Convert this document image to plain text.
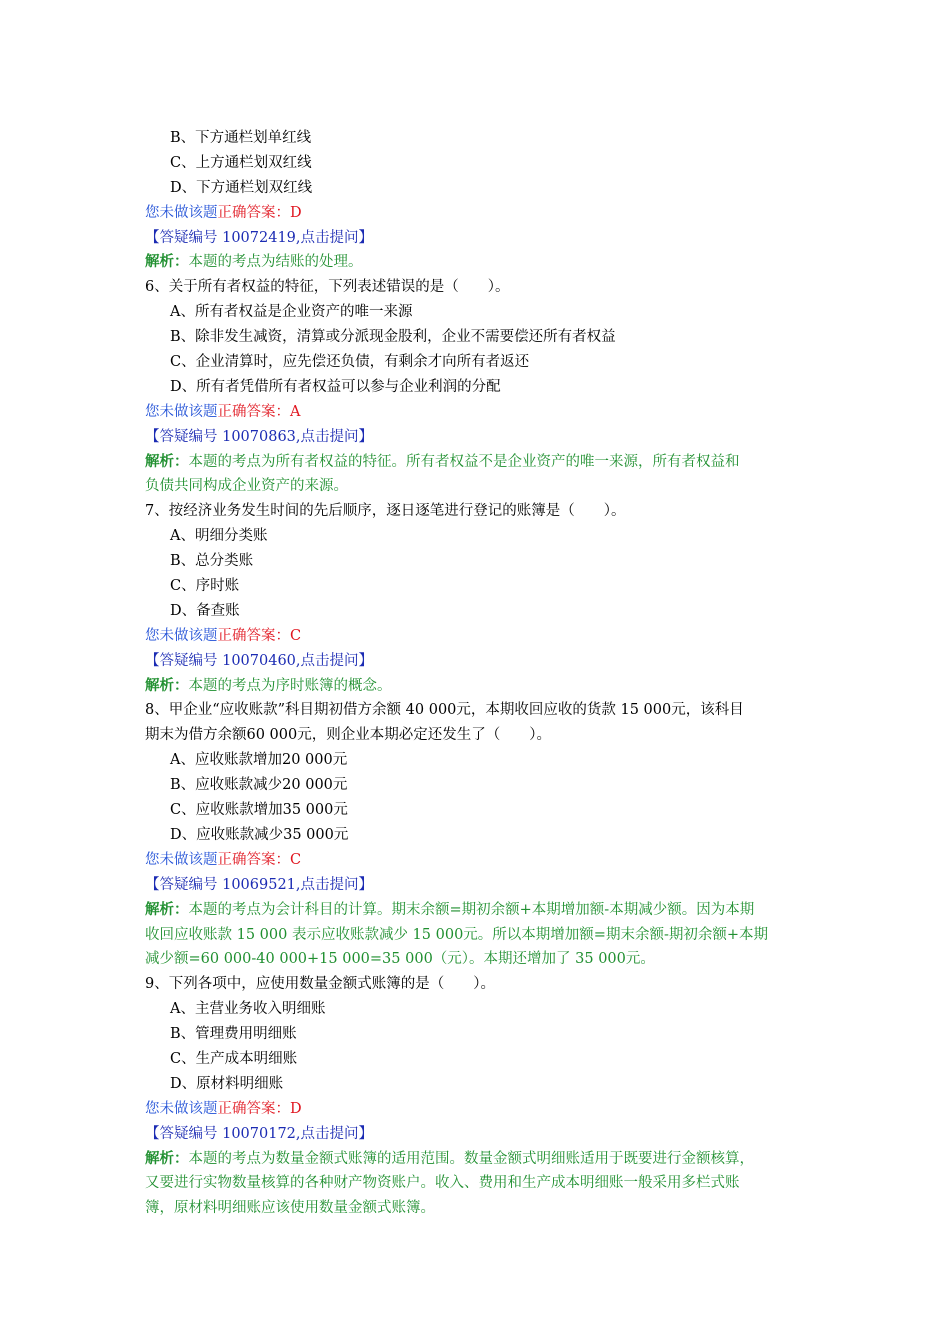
B、下方通栏划单红线
C、上方通栏划双红线
D、下方通栏划双红线
您未做该题正确答案：D
【答疑编号 10072419,点击提问】
解析：本题的考点为结账的处理。
6、关于所有者权益的特征，下列表述错误的是（　　）。
A、所有者权益是企业资产的唯一来源
B、除非发生减资，清算或分派现金股利，企业不需要偿还所有者权益
C、企业清算时，应先偿还负债，有剩余才向所有者返还
D、所有者凭借所有者权益可以参与企业利润的分配
您未做该题正确答案：A
【答疑编号 10070863,点击提问】
解析：本题的考点为所有者权益的特征。所有者权益不是企业资产的唯一来源，所有者权益和
负债共同构成企业资产的来源。
7、按经济业务发生时间的先后顺序，逐日逐笔进行登记的账簿是（　　）。
A、明细分类账
B、总分类账
C、序时账
D、备查账
您未做该题正确答案：C
【答疑编号 10070460,点击提问】
解析：本题的考点为序时账簿的概念。
8、甲企业“应收账款”科目期初借方余额 40 000元，本期收回应收的货款 15 000元，该科目
期末为借方余额60 000元，则企业本期必定还发生了（　　）。
A、应收账款增加20 000元
B、应收账款减少20 000元
C、应收账款增加35 000元
D、应收账款减少35 000元
您未做该题正确答案：C
【答疑编号 10069521,点击提问】
解析：本题的考点为会计科目的计算。期末余额=期初余额+本期增加额-本期减少额。因为本期
收回应收账款 15 000 表示应收账款减少 15 000元。所以本期增加额=期末余额-期初余额+本期
减少额=60 000-40 000+15 000=35 000（元）。本期还增加了 35 000元。
9、下列各项中，应使用数量金额式账簿的是（　　）。
A、主营业务收入明细账
B、管理费用明细账
C、生产成本明细账
D、原材料明细账
您未做该题正确答案：D
【答疑编号 10070172,点击提问】
解析：本题的考点为数量金额式账簿的适用范围。数量金额式明细账适用于既要进行金额核算，
又要进行实物数量核算的各种财产物资账户。收入、费用和生产成本明细账一般采用多栏式账
簿，原材料明细账应该使用数量金额式账簿。
